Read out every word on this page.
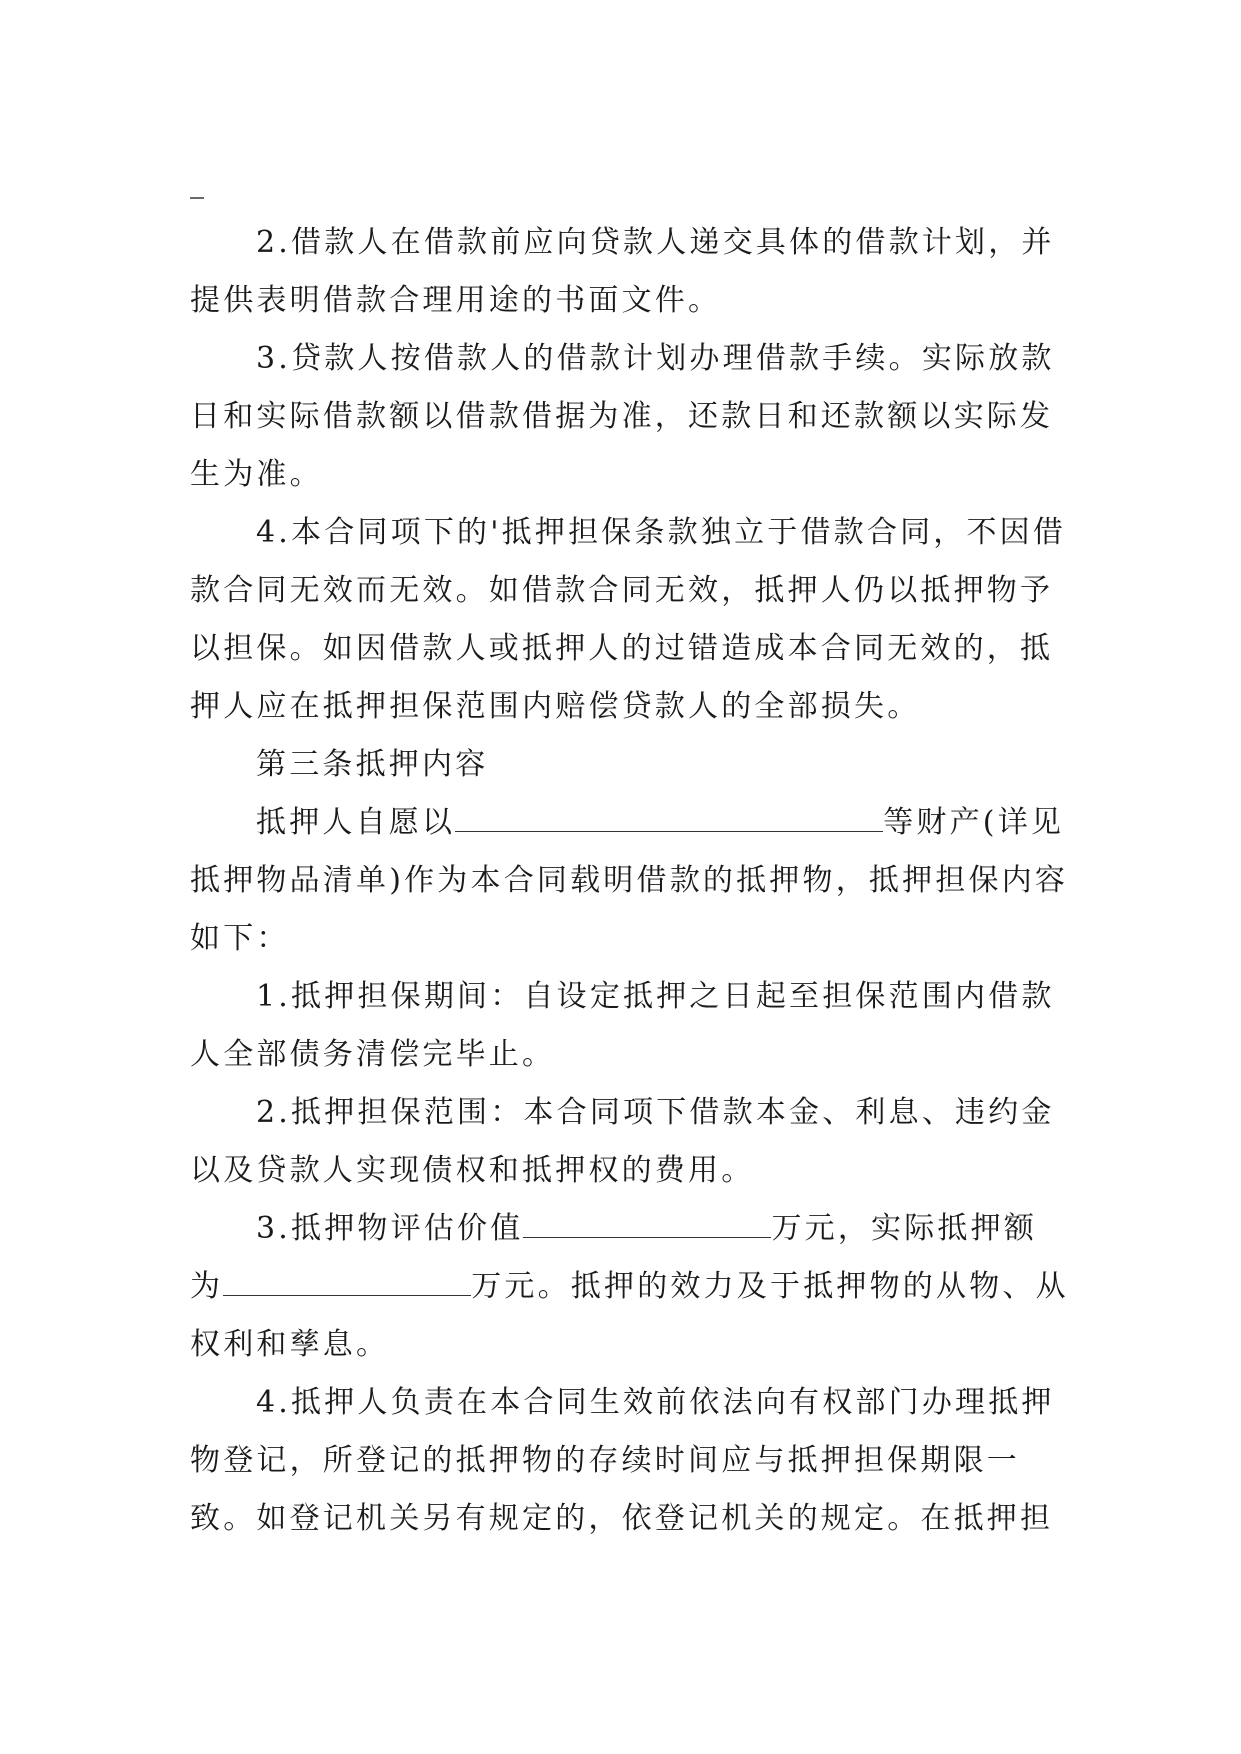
2.借款人在借款前应向贷款人递交具体的借款计划，并提供表明借款合理用途的书面文件。

3.贷款人按借款人的借款计划办理借款手续。实际放款日和实际借款额以借款借据为准，还款日和还款额以实际发生为准。

4.本合同项下的'抵押担保条款独立于借款合同，不因借款合同无效而无效。如借款合同无效，抵押人仍以抵押物予以担保。如因借款人或抵押人的过错造成本合同无效的，抵押人应在抵押担保范围内赔偿贷款人的全部损失。

第三条抵押内容

抵押人自愿以	等财产(详见抵押物品清单)作为本合同载明借款的抵押物，抵押担保内容如下：

1.抵押担保期间：自设定抵押之日起至担保范围内借款人全部债务清偿完毕止。

2.抵押担保范围：本合同项下借款本金、利息、违约金以及贷款人实现债权和抵押权的费用。

3.抵押物评估价值	万元，实际抵押额为	万元。抵押的效力及于抵押物的从物、从权利和孳息。

4.抵押人负责在本合同生效前依法向有权部门办理抵押物登记，所登记的抵押物的存续时间应与抵押担保期限一致。如登记机关另有规定的，依登记机关的规定。在抵押担
